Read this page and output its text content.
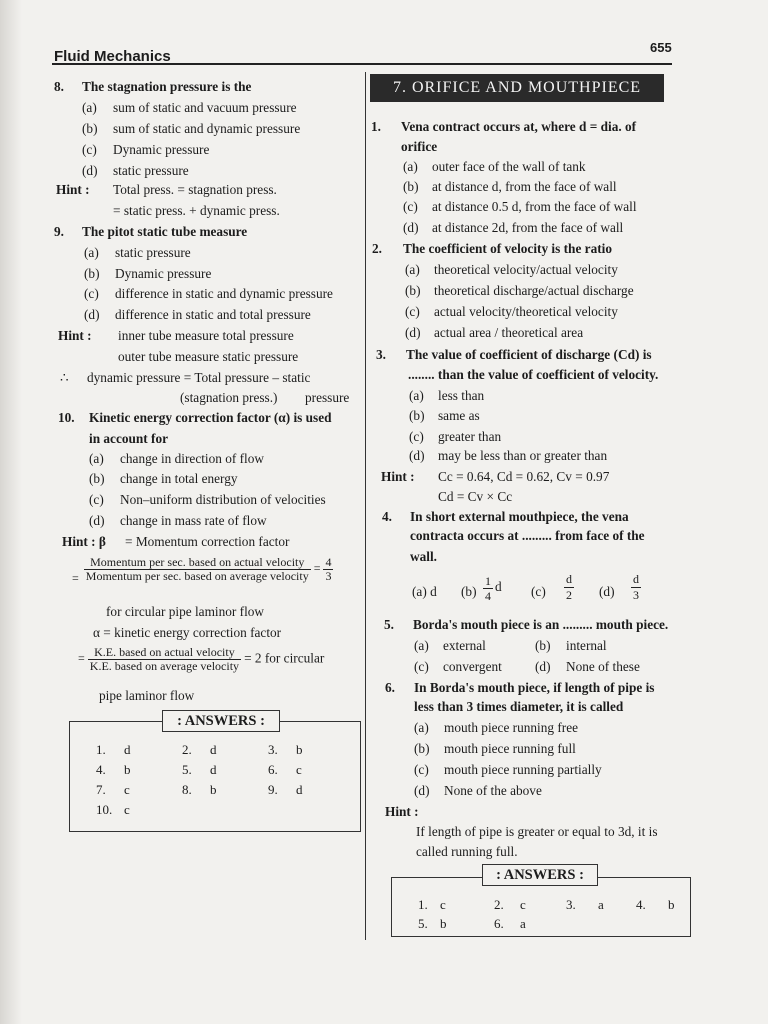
Fluid Mechanics
655
8. The stagnation pressure is the
(a) sum of static and vacuum pressure
(b) sum of static and dynamic pressure
(c) Dynamic pressure
(d) static pressure
Hint : Total press. = stagnation press.
= static press. + dynamic press.
9. The pitot static tube measure
(a) static pressure
(b) Dynamic pressure
(c) difference in static and dynamic pressure
(d) difference in static and total pressure
Hint : inner tube measure total pressure
outer tube measure static pressure
∴ dynamic pressure = Total pressure – static
(stagnation press.) pressure
10. Kinetic energy correction factor (α) is used
in account for
(a) change in direction of flow
(b) change in total energy
(c) Non–uniform distribution of velocities
(d) change in mass rate of flow
Hint : β = Momentum correction factor
=
Momentum per sec. based on actual velocity
Momentum per sec. based on average velocity
= $\frac{4}{3}$
for circular pipe laminor flow
α = kinetic energy correction factor
= K.E. based on actual velocity
K.E. based on average velocity
= 2 for circular
pipe laminor flow
: ANSWERS :
1. d	2. d	3. b
4. b	5. d	6. c
7. c	8. b	9. d
10. c
7. ORIFICE AND MOUTHPIECE
1. Vena contract occurs at, where d = dia. of
orifice
(a) outer face of the wall of tank
(b) at distance d, from the face of wall
(c) at distance 0.5 d, from the face of wall
(d) at distance 2d, from the face of wall
2. The coefficient of velocity is the ratio
(a) theoretical velocity/actual velocity
(b) theoretical discharge/actual discharge
(c) actual velocity/theoretical velocity
(d) actual area / theoretical area
3. The value of coefficient of discharge (Cd) is
........ than the value of coefficient of velocity.
(a) less than
(b) same as
(c) greater than
(d) may be less than or greater than
Hint : Cc = 0.64, Cd = 0.62, Cv = 0.97
Cd = Cv × Cc
4. In short external mouthpiece, the vena
contracta occurs at ......... from face of the
wall.
(a) d $(b) \frac{1}{4}$ d $(c) \frac{d}{2} (d) \frac{d}{3}$
5. Borda's mouth piece is an ......... mouth piece.
(a) external	(b) internal
(c) convergent (d) None of these
6. In Borda's mouth piece, if length of pipe is
less than 3 times diameter, it is called
(a) mouth piece running free
(b) mouth piece running full
(c) mouth piece running partially
(d) None of the above
Hint :
If length of pipe is greater or equal to 3d, it is
called running full.
: ANSWERS :
1. c	2. c	3. a 4. b
5. b	6. a
